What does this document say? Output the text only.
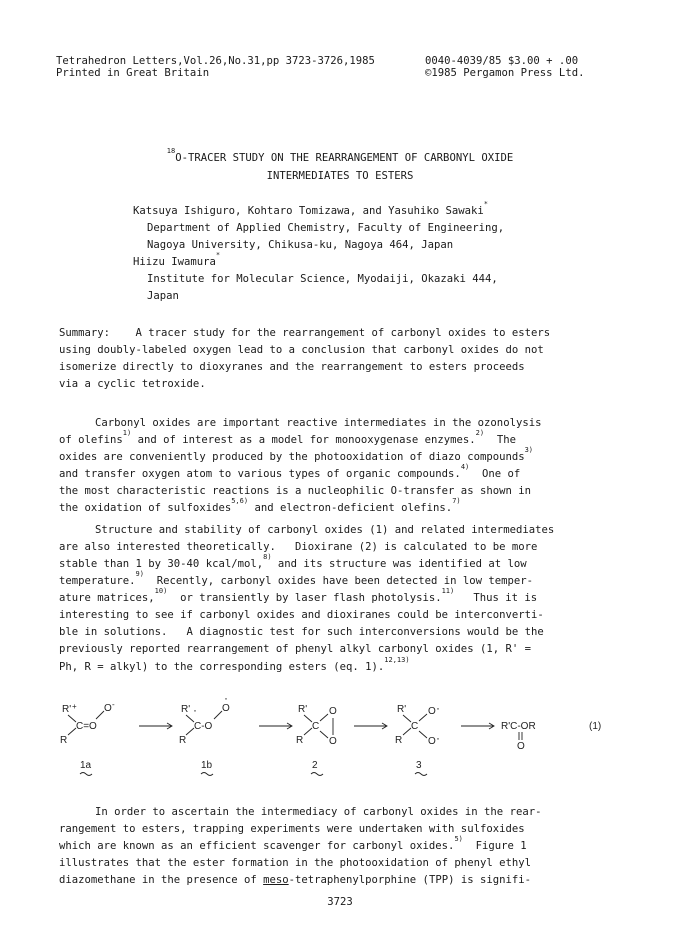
Tetrahedron Letters,Vol.26,No.31,pp 3723-3726,1985	0040-4039/85 $3.00 + .00
Printed in Great Britain	©1985 Pergamon Press Ltd.
$^{18}$O-TRACER STUDY ON THE REARRANGEMENT OF CARBONYL OXIDE
INTERMEDIATES TO ESTERS
Katsuya Ishiguro, Kohtaro Tomizawa, and Yasuhiko Sawaki*
Department of Applied Chemistry, Faculty of Engineering,
Nagoya University, Chikusa-ku, Nagoya 464, Japan
Hiizu Iwamura*
Institute for Molecular Science, Myodaiji, Okazaki 444,
Japan
Summary: A tracer study for the rearrangement of carbonyl oxides to esters
using doubly-labeled oxygen lead to a conclusion that carbonyl oxides do not
isomerize directly to dioxyranes and the rearrangement to esters proceeds
via a cyclic tetroxide.
Carbonyl oxides are important reactive intermediates in the ozonolysis
of olefins$^{1)}$ and of interest as a model for monooxygenase enzymes.$^{2)}$  The
oxides are conveniently produced by the photooxidation of diazo compounds$^{3)}$
and transfer oxygen atom to various types of organic compounds.$^{4)}$  One of
the most characteristic reactions is a nucleophilic O-transfer as shown in
the oxidation of sulfoxides$^{5,6)}$ and electron-deficient olefins.$^{7)}$
Structure and stability of carbonyl oxides (1) and related intermediates
are also interested theoretically.   Dioxirane (2) is calculated to be more
stable than 1 by 30-40 kcal/mol,$^{8)}$ and its structure was identified at low
temperature.$^{9)}$  Recently, carbonyl oxides have been detected in low temper-
ature matrices,$^{10)}$  or transiently by laser flash photolysis.$^{11)}$   Thus it is
interesting to see if carbonyl oxides and dioxiranes could be interconverti-
ble in solutions.   A diagnostic test for such interconversions would be the
previously reported rearrangement of phenyl alkyl carbonyl oxides (1, R' =
Ph, R = alkyl) to the corresponding esters (eq. 1).$^{12,13)}$
R' +
R
C=O
O -	R' ·
R
C-O
O
·
R'
R
C
O
O
R'
R
C
O ·
O ·
R'C-OR
O
(1)
1a	1b	2	3
In order to ascertain the intermediacy of carbonyl oxides in the rear-
rangement to esters, trapping experiments were undertaken with sulfoxides
which are known as an efficient scavenger for carbonyl oxides.$^{5)}$  Figure 1
illustrates that the ester formation in the photooxidation of phenyl ethyl
diazomethane in the presence of meso-tetraphenylporphine (TPP) is signifi-
3723
